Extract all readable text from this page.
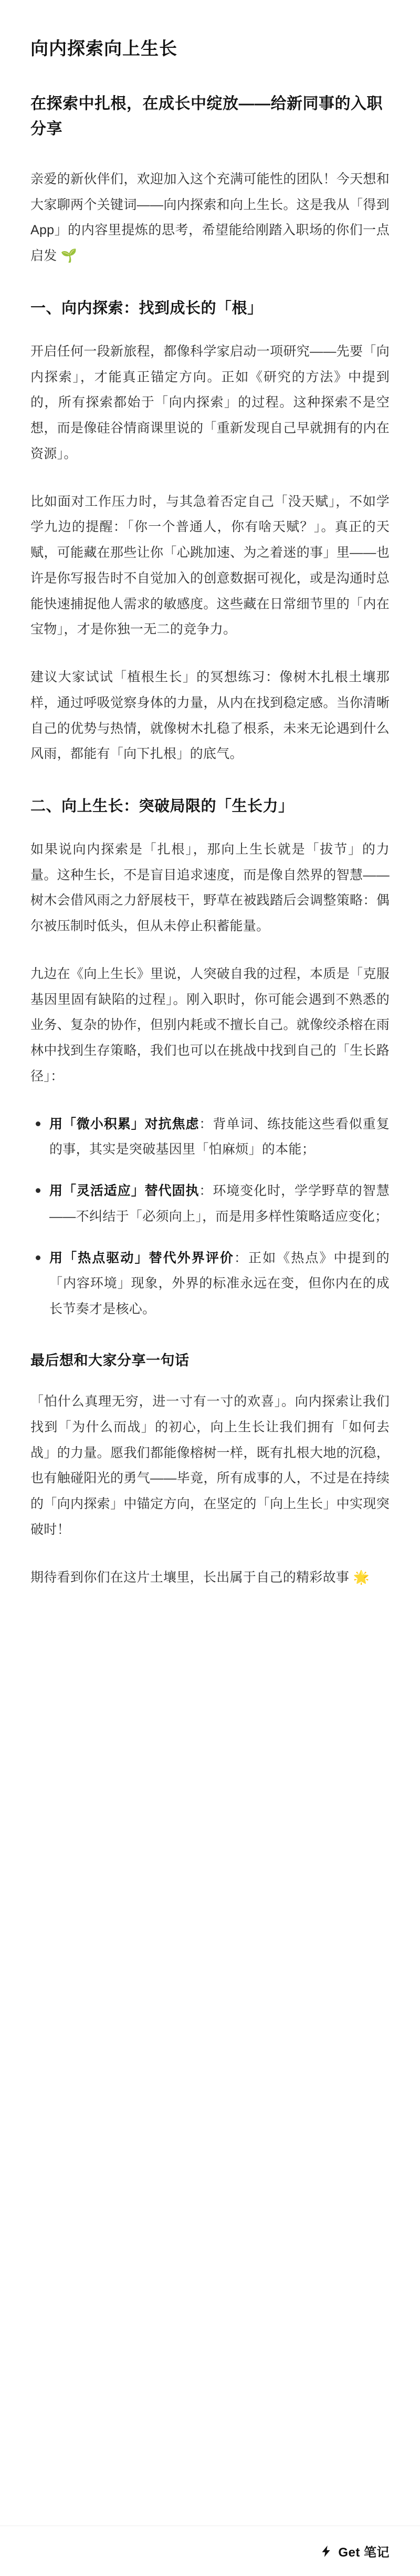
向内探索向上生长
在探索中扎根，在成长中绽放——给新同事的入职分享

亲爱的新伙伴们，欢迎加入这个充满可能性的团队！今天想和大家聊两个关键词——向内探索和向上生长。这是我从「得到App」的内容里提炼的思考，希望能给刚踏入职场的你们一点启发 🌱

一、向内探索：找到成长的「根」

开启任何一段新旅程，都像科学家启动一项研究——先要「向内探索」，才能真正锚定方向。正如《研究的方法》中提到的，所有探索都始于「向内探索」的过程。这种探索不是空想，而是像硅谷情商课里说的「重新发现自己早就拥有的内在资源」。

比如面对工作压力时，与其急着否定自己「没天赋」，不如学学九边的提醒：「你一个普通人，你有啥天赋？」。真正的天赋，可能藏在那些让你「心跳加速、为之着迷的事」里——也许是你写报告时不自觉加入的创意数据可视化，或是沟通时总能快速捕捉他人需求的敏感度。这些藏在日常细节里的「内在宝物」，才是你独一无二的竞争力。

建议大家试试「植根生长」的冥想练习：像树木扎根土壤那样，通过呼吸觉察身体的力量，从内在找到稳定感。当你清晰自己的优势与热情，就像树木扎稳了根系，未来无论遇到什么风雨，都能有「向下扎根」的底气。

二、向上生长：突破局限的「生长力」

如果说向内探索是「扎根」，那向上生长就是「拔节」的力量。这种生长，不是盲目追求速度，而是像自然界的智慧——树木会借风雨之力舒展枝干，野草在被践踏后会调整策略：偶尔被压制时低头，但从未停止积蓄能量。

九边在《向上生长》里说，人突破自我的过程，本质是「克服基因里固有缺陷的过程」。刚入职时，你可能会遇到不熟悉的业务、复杂的协作，但别内耗或不擅长自己。就像绞杀榕在雨林中找到生存策略，我们也可以在挑战中找到自己的「生长路径」：

用「微小积累」对抗焦虑：背单词、练技能这些看似重复的事，其实是突破基因里「怕麻烦」的本能；
用「灵活适应」替代固执：环境变化时，学学野草的智慧——不纠结于「必须向上」，而是用多样性策略适应变化；
用「热点驱动」替代外界评价：正如《热点》中提到的「内容环境」现象，外界的标准永远在变，但你内在的成长节奏才是核心。
最后想和大家分享一句话

「怕什么真理无穷，进一寸有一寸的欢喜」。向内探索让我们找到「为什么而战」的初心，向上生长让我们拥有「如何去战」的力量。愿我们都能像榕树一样，既有扎根大地的沉稳，也有触碰阳光的勇气——毕竟，所有成事的人，不过是在持续的「向内探索」中锚定方向，在坚定的「向上生长」中实现突破时！

期待看到你们在这片土壤里，长出属于自己的精彩故事 🌟

Get 笔记
